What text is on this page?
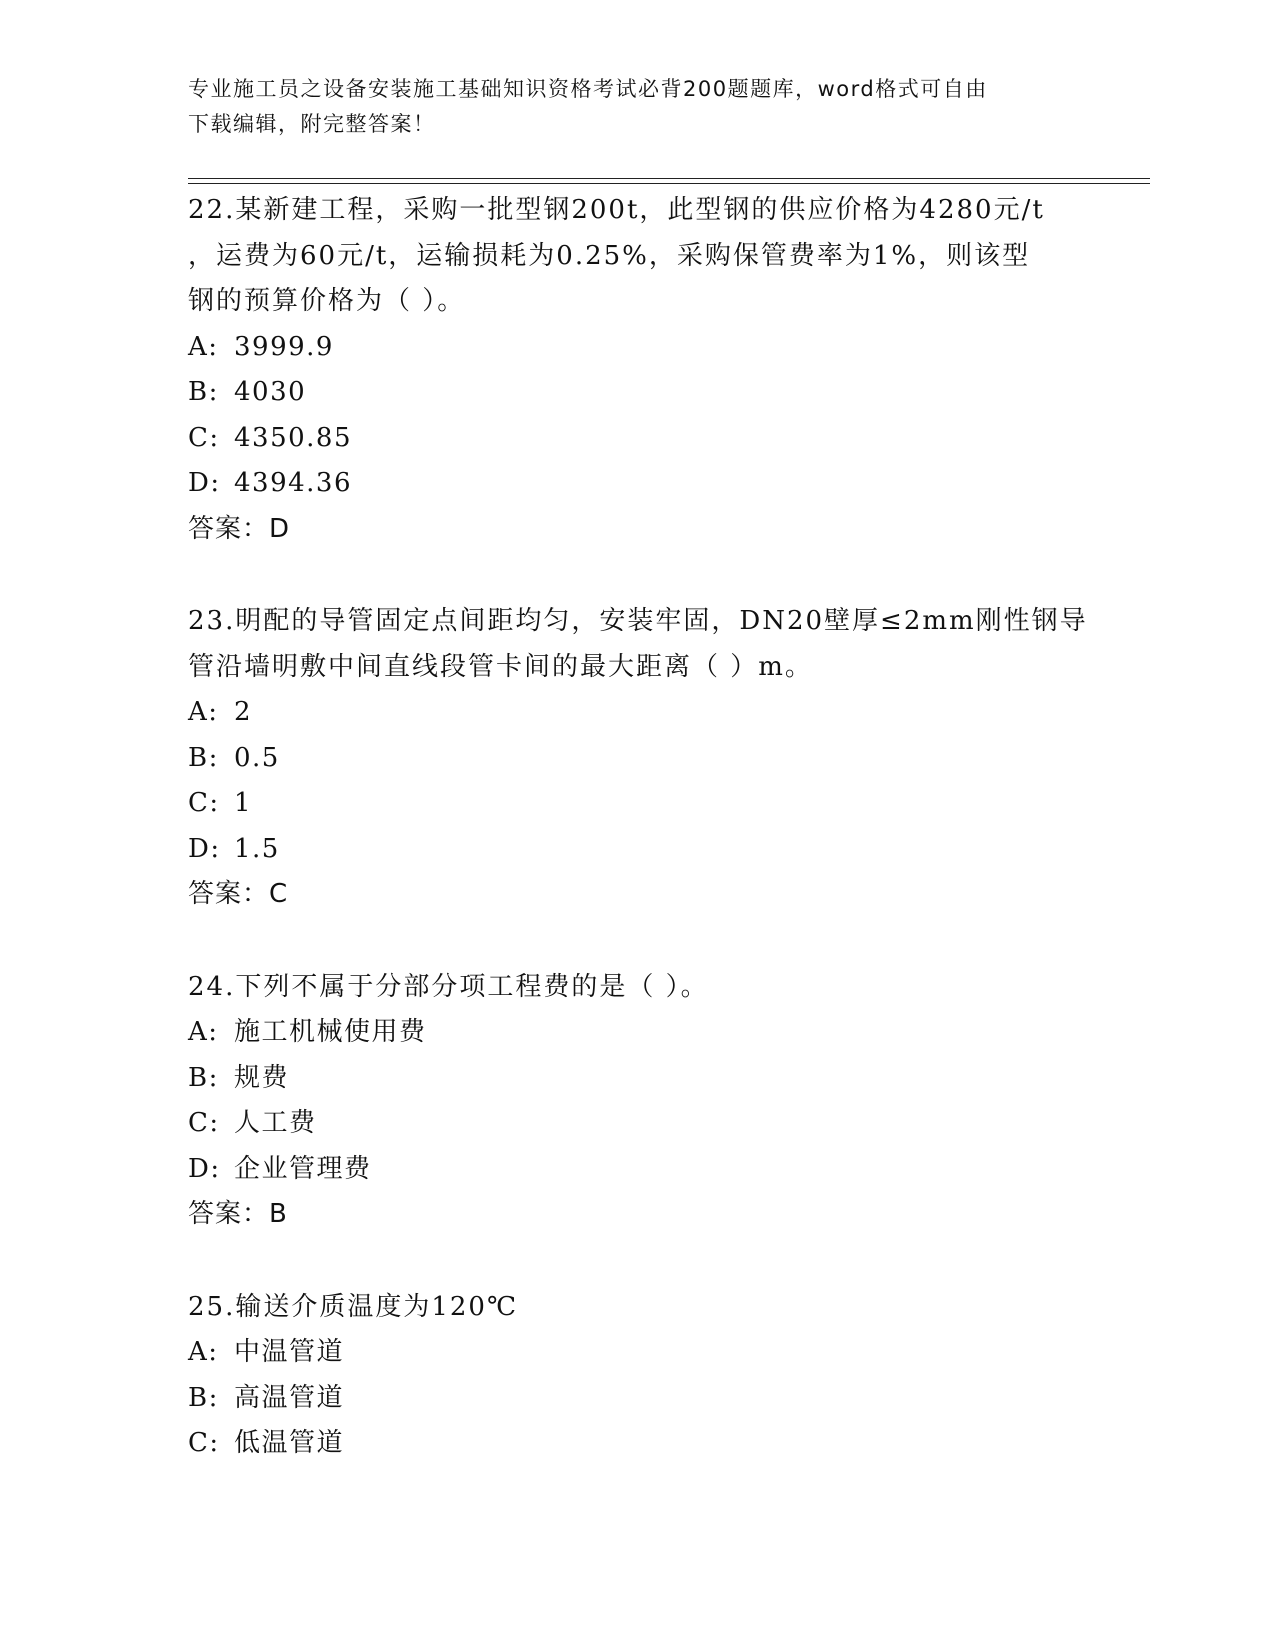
专业施工员之设备安装施工基础知识资格考试必背200题题库，word格式可自由
下载编辑，附完整答案！
22.某新建工程，采购一批型钢200t，此型钢的供应价格为4280元/t
，运费为60元/t，运输损耗为0.25%，采购保管费率为1%，则该型
钢的预算价格为（ ）。
A: 3999.9
B: 4030
C: 4350.85
D: 4394.36
答案：D
23.明配的导管固定点间距均匀，安装牢固，DN20壁厚≤2mm刚性钢导
管沿墙明敷中间直线段管卡间的最大距离（ ）m。
A: 2
B: 0.5
C: 1
D: 1.5
答案：C
24.下列不属于分部分项工程费的是（ ）。
A: 施工机械使用费
B: 规费
C: 人工费
D: 企业管理费
答案：B
25.输送介质温度为120℃
A: 中温管道
B: 高温管道
C: 低温管道
